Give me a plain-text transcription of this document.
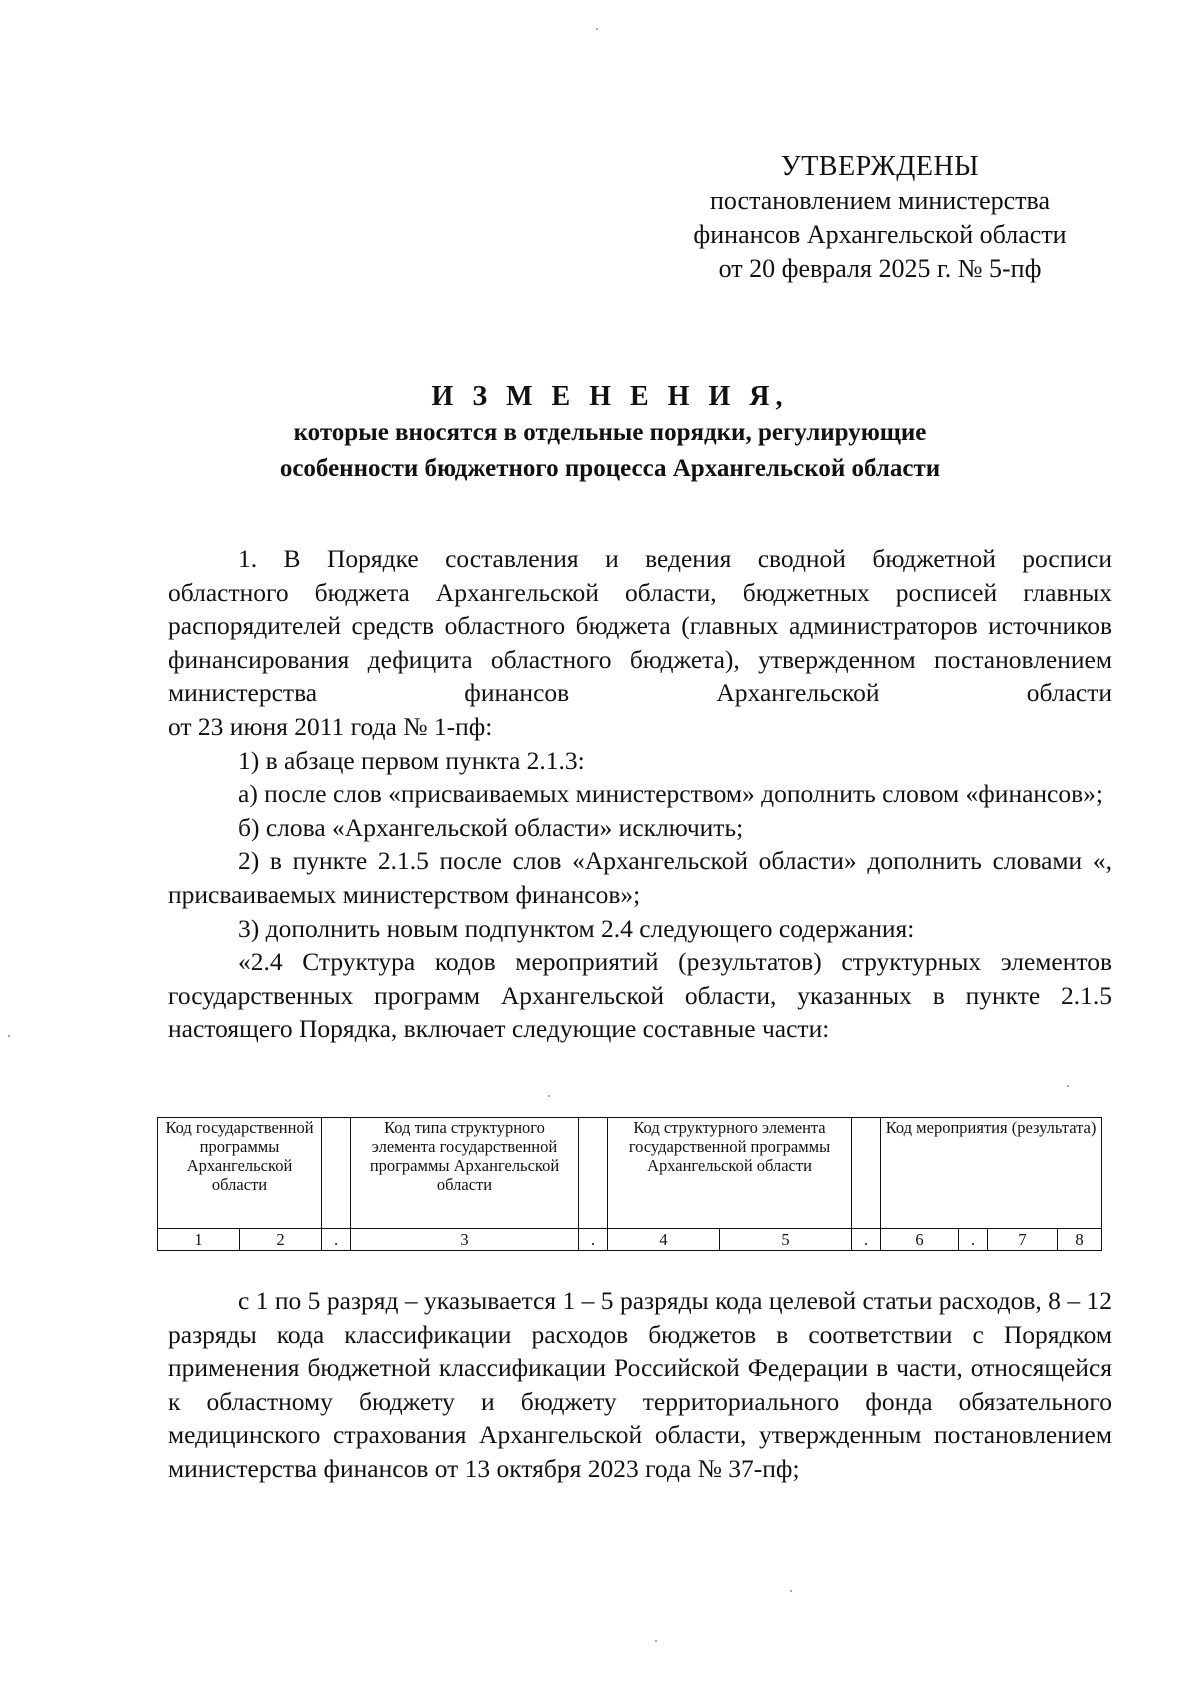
УТВЕРЖДЕНЫ
постановлением министерства
финансов Архангельской области
от 20 февраля 2025 г. № 5-пф
И З М Е Н Е Н И Я,
которые вносятся в отдельные порядки, регулирующие
особенности бюджетного процесса Архангельской области

1. В Порядке составления и ведения сводной бюджетной росписи

областного бюджета Архангельской области, бюджетных росписей главных распорядителей средств областного бюджета (главных администраторов источников финансирования дефицита областного бюджета), утвержденном постановлением министерства финансов Архангельской области

от 23 июня 2011 года № 1-пф:

1) в абзаце первом пункта 2.1.3:

а) после слов «присваиваемых министерством» дополнить словом «финансов»;

б) слова «Архангельской области» исключить;

2) в пункте 2.1.5 после слов «Архангельской области» дополнить словами «, присваиваемых министерством финансов»;

3) дополнить новым подпунктом 2.4 следующего содержания:

«2.4 Структура кодов мероприятий (результатов) структурных элементов государственных программ Архангельской области, указанных в пункте 2.1.5 настоящего Порядка, включает следующие составные части:

Код государственной программы Архангельской области			Код типа структурного элемента государственной программы Архангельской области		Код структурного элемента государственной программы Архангельской области			Код мероприятия (результата)			
1	2	.	3	.	4	5	.	6	.	7	8

с 1 по 5 разряд – указывается 1 – 5 разряды кода целевой статьи расходов, 8 – 12 разряды кода классификации расходов бюджетов в соответствии с Порядком применения бюджетной классификации Российской Федерации в части, относящейся к областному бюджету и бюджету территориального фонда обязательного медицинского страхования Архангельской области, утвержденным постановлением министерства финансов от 13 октября 2023 года № 37-пф;
